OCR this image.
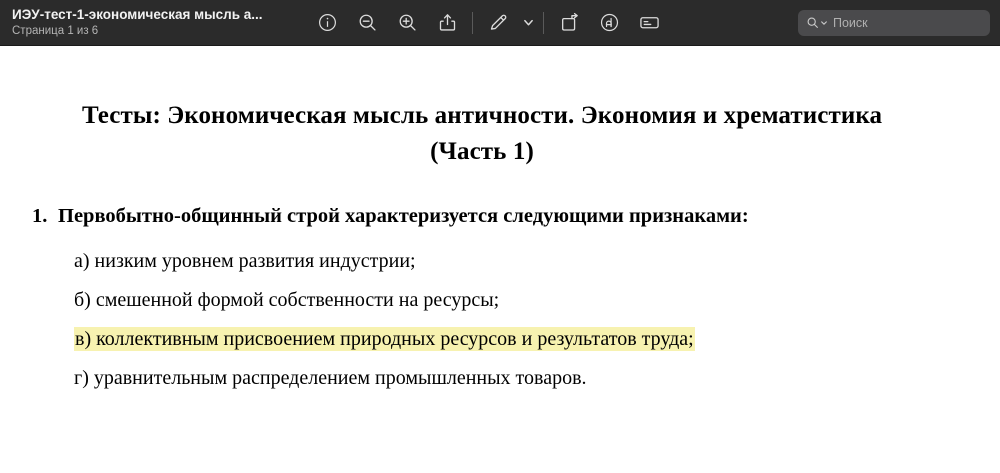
ИЭУ-тест-1-экономическая мысль а...
Страница 1 из 6
Поиск
Тесты: Экономическая мысль античности. Экономия и хрематистика
(Часть 1)
1. Первобытно-общинный строй характеризуется следующими признаками:
а) низким уровнем развития индустрии;
б) смешенной формой собственности на ресурсы;
в) коллективным присвоением природных ресурсов и результатов труда;
г) уравнительным распределением промышленных товаров.
